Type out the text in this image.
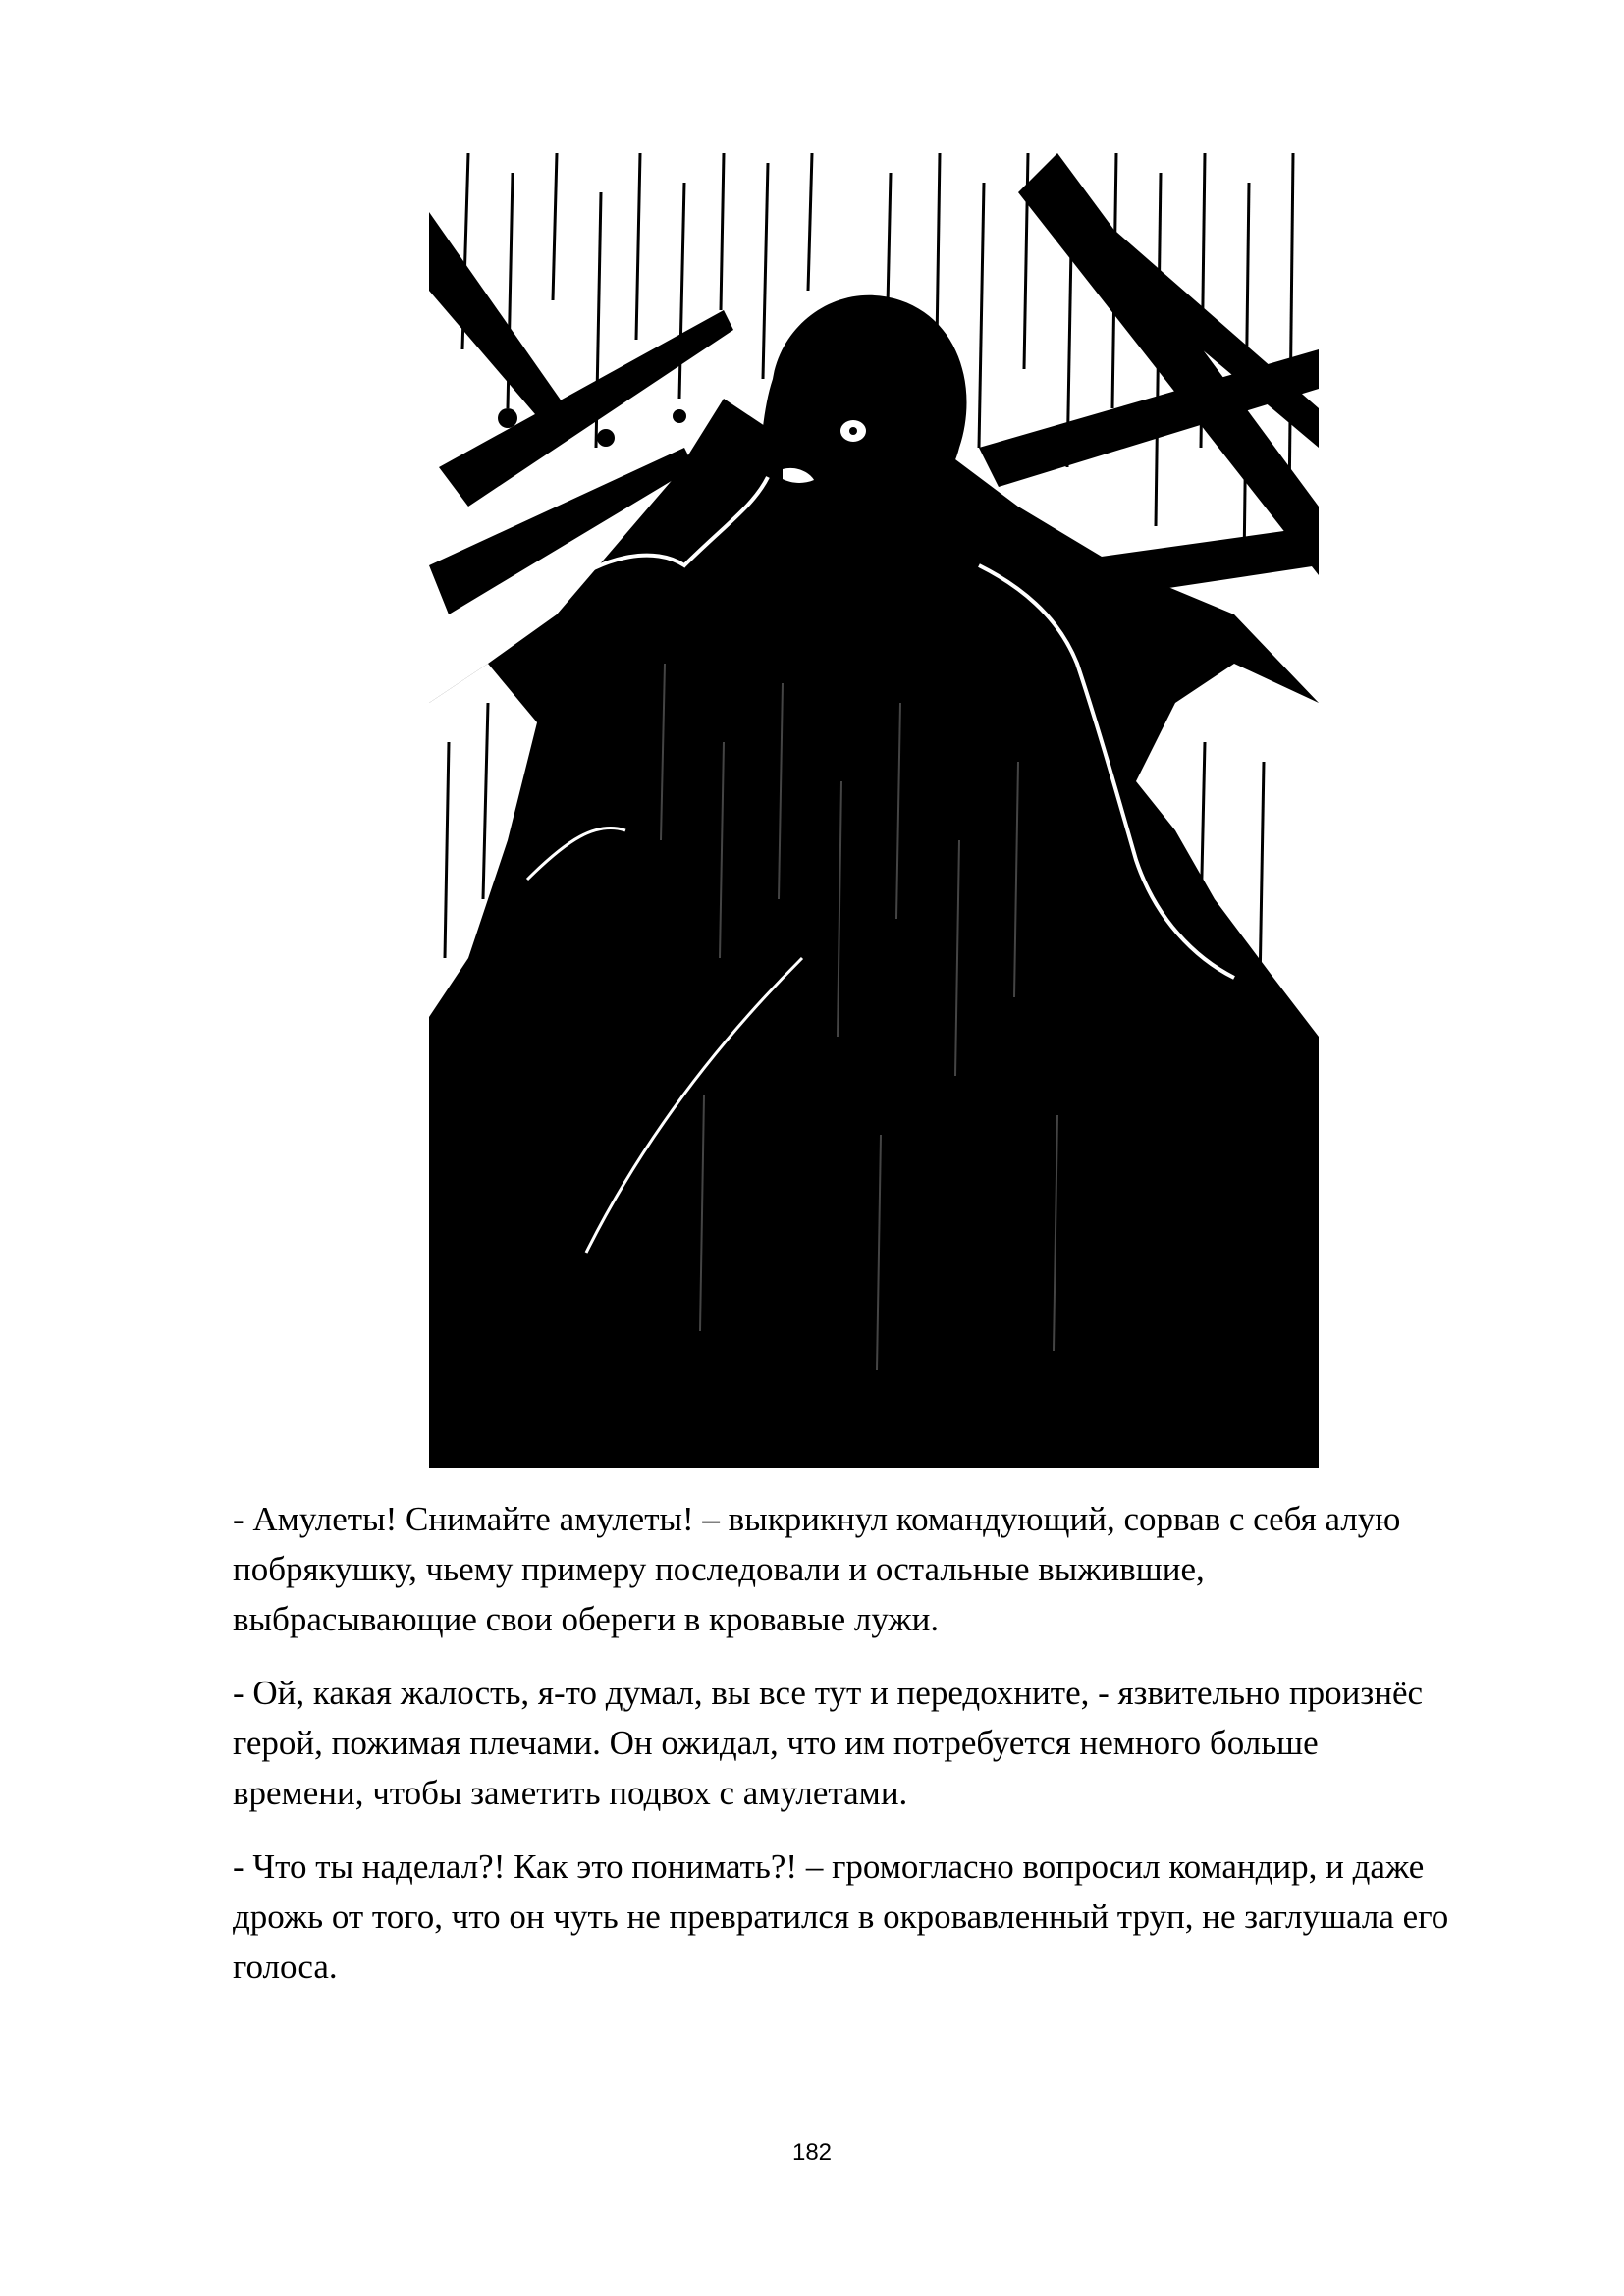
- Амулеты! Снимайте амулеты! – выкрикнул командующий, сорвав с себя алую побрякушку, чьему примеру последовали и остальные выжившие, выбрасывающие свои обереги в кровавые лужи.

- Ой, какая жалость, я-то думал, вы все тут и передохните, - язвительно произнёс герой, пожимая плечами. Он ожидал, что им потребуется немного больше времени, чтобы заметить подвох с амулетами.

- Что ты наделал?! Как это понимать?! – громогласно вопросил командир, и даже дрожь от того, что он чуть не превратился в окровавленный труп, не заглушала его голоса.

182
